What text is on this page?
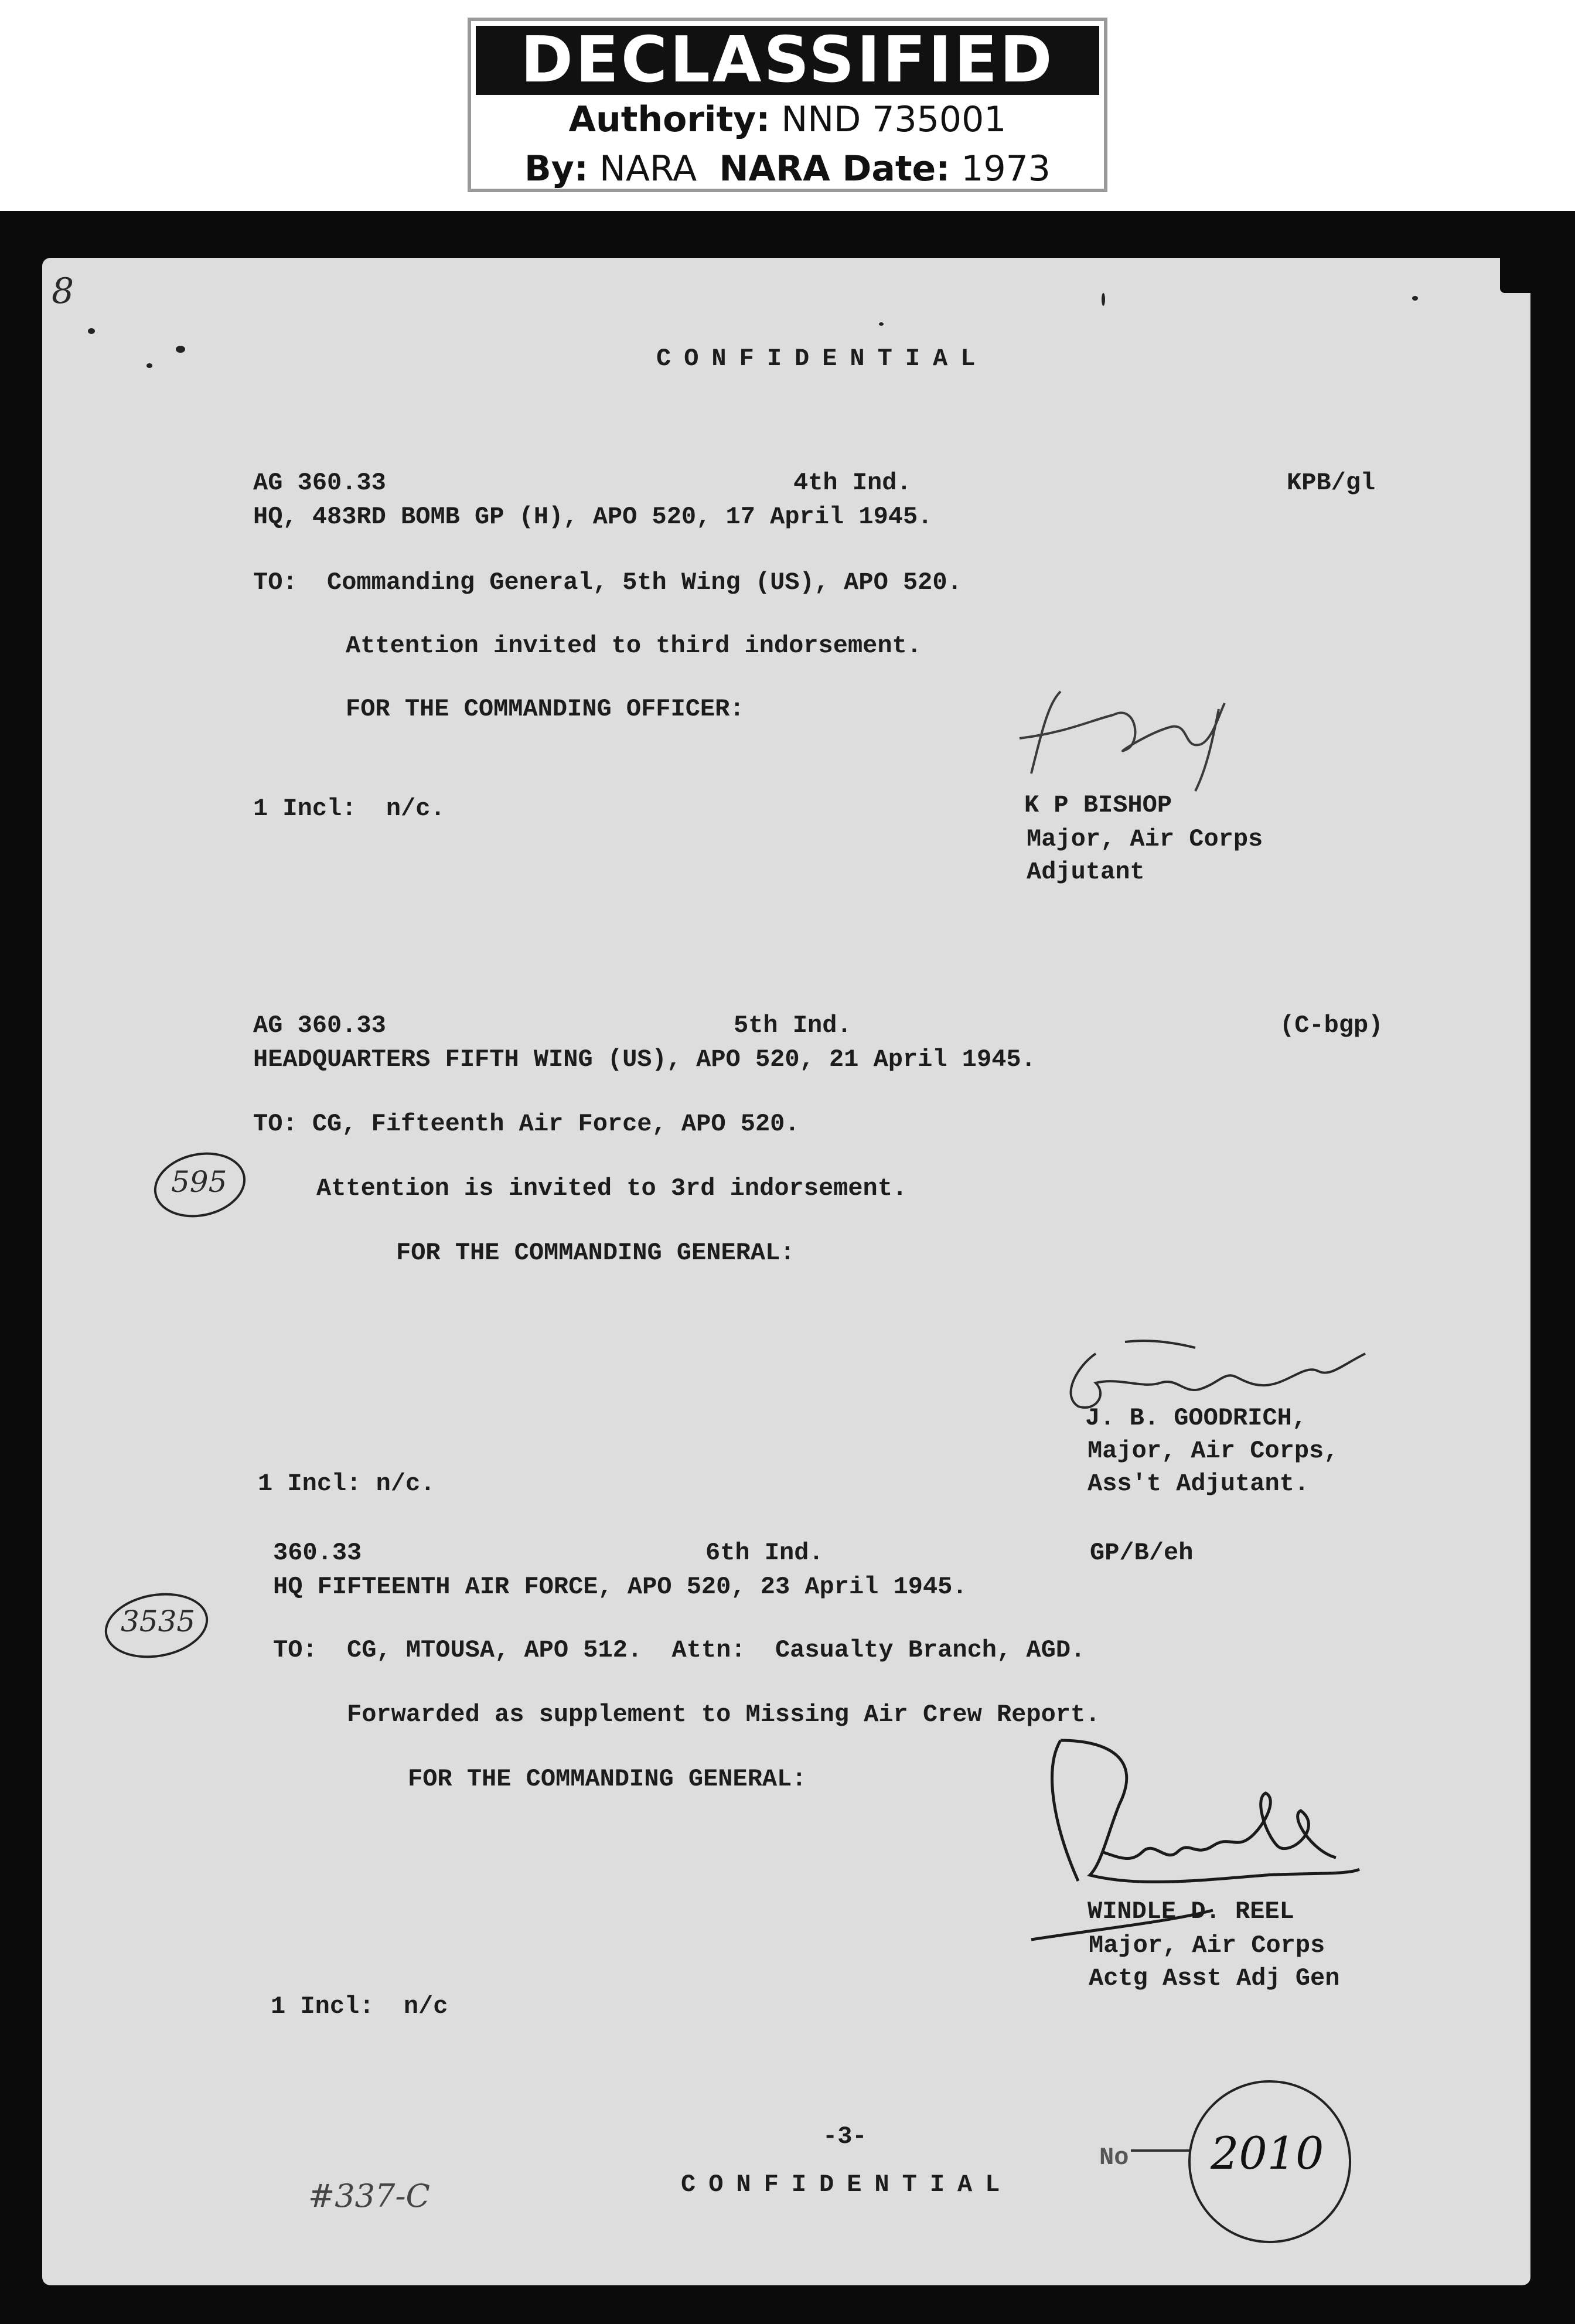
DECLASSIFIED
Authority: NND 735001
By: NARA NARA Date: 1973
8
CONFIDENTIAL
AG 360.33	4th Ind.	KPB/gl
HQ, 483RD BOMB GP (H), APO 520, 17 April 1945.
TO:  Commanding General, 5th Wing (US), APO 520.
Attention invited to third indorsement.
FOR THE COMMANDING OFFICER:
1 Incl:  n/c.	K P BISHOP
Major, Air Corps
Adjutant
AG 360.33	5th Ind.	(C-bgp)
HEADQUARTERS FIFTH WING (US), APO 520, 21 April 1945.
TO: CG, Fifteenth Air Force, APO 520.
Attention is invited to 3rd indorsement.
FOR THE COMMANDING GENERAL:
595
J. B. GOODRICH,
Major, Air Corps,
Ass't Adjutant.
1 Incl: n/c.
360.33	6th Ind.	GP/B/eh
HQ FIFTEENTH AIR FORCE, APO 520, 23 April 1945.
3535
TO:  CG, MTOUSA, APO 512.  Attn:  Casualty Branch, AGD.
Forwarded as supplement to Missing Air Crew Report.
FOR THE COMMANDING GENERAL:
WINDLE D. REEL
Major, Air Corps
Actg Asst Adj Gen
1 Incl:  n/c
-3-
CONFIDENTIAL
#337-C
No 2010
